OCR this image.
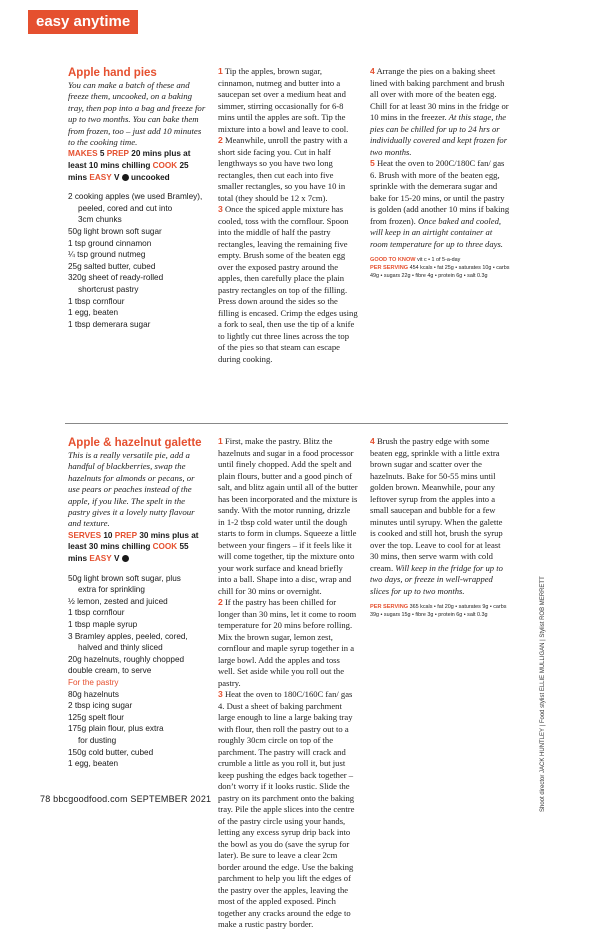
easy anytime

Apple hand pies

You can make a batch of these and freeze them, uncooked, on a baking tray, then pop into a bag and freeze for up to two months. You can bake them from frozen, too – just add 10 minutes to the cooking time.

MAKES 5 PREP 20 mins plus at least 10 mins chilling COOK 25 mins EASY V uncooked

2 cooking apples (we used Bramley),
peeled, cored and cut into
3cm chunks
50g light brown soft sugar
1 tsp ground cinnamon
¼ tsp ground nutmeg
25g salted butter, cubed
320g sheet of ready-rolled
shortcrust pastry
1 tbsp cornflour
1 egg, beaten
1 tbsp demerara sugar

1 Tip the apples, brown sugar, cinnamon, nutmeg and butter into a saucepan set over a medium heat and simmer, stirring occasionally for 6-8 mins until the apples are soft. Tip the mixture into a bowl and leave to cool.

2 Meanwhile, unroll the pastry with a short side facing you. Cut in half lengthways so you have two long rectangles, then cut each into five smaller rectangles, so you have 10 in total (they should be 12 x 7cm).

3 Once the spiced apple mixture has cooled, toss with the cornflour. Spoon into the middle of half the pastry rectangles, leaving the remaining five empty. Brush some of the beaten egg over the exposed pastry around the apples, then carefully place the plain pastry rectangles on top of the filling. Press down around the sides so the filling is encased. Crimp the edges using a fork to seal, then use the tip of a knife to lightly cut three lines across the top of the pies so that steam can escape during cooking.

4 Arrange the pies on a baking sheet lined with baking parchment and brush all over with more of the beaten egg. Chill for at least 30 mins in the fridge or 10 mins in the freezer. At this stage, the pies can be chilled for up to 24 hrs or individually covered and kept frozen for two months.

5 Heat the oven to 200C/180C fan/ gas 6. Brush with more of the beaten egg, sprinkle with the demerara sugar and bake for 15-20 mins, or until the pastry is golden (add another 10 mins if baking from frozen). Once baked and cooled, will keep in an airtight container at room temperature for up to three days.

GOOD TO KNOW vit c • 1 of 5-a-day
PER SERVING 454 kcals • fat 25g • saturates 10g • carbs 49g • sugars 22g • fibre 4g • protein 6g • salt 0.3g

Apple & hazelnut galette

This is a really versatile pie, add a handful of blackberries, swap the hazelnuts for almonds or pecans, or use pears or peaches instead of the apple, if you like. The spelt in the pastry gives it a lovely nutty flavour and texture.

SERVES 10 PREP 30 mins plus at least 30 mins chilling COOK 55 mins EASY V

50g light brown soft sugar, plus
extra for sprinkling
½ lemon, zested and juiced
1 tbsp cornflour
1 tbsp maple syrup
3 Bramley apples, peeled, cored,
halved and thinly sliced
20g hazelnuts, roughly chopped
double cream, to serve
For the pastry
80g hazelnuts
2 tbsp icing sugar
125g spelt flour
175g plain flour, plus extra
for dusting
150g cold butter, cubed
1 egg, beaten

1 First, make the pastry. Blitz the hazelnuts and sugar in a food processor until finely chopped. Add the spelt and plain flours, butter and a good pinch of salt, and blitz again until all of the butter has been incorporated and the mixture is sandy. With the motor running, drizzle in 1-2 tbsp cold water until the dough starts to form in clumps. Squeeze a little between your fingers – if it feels like it will come together, tip the mixture onto your work surface and knead briefly into a ball. Shape into a disc, wrap and chill for 30 mins or overnight.

2 If the pastry has been chilled for longer than 30 mins, let it come to room temperature for 20 mins before rolling. Mix the brown sugar, lemon zest, cornflour and maple syrup together in a large bowl. Add the apples and toss well. Set aside while you roll out the pastry.

3 Heat the oven to 180C/160C fan/ gas 4. Dust a sheet of baking parchment large enough to line a large baking tray with flour, then roll the pastry out to a roughly 30cm circle on top of the parchment. The pastry will crack and crumble a little as you roll it, but just keep pushing the edges back together – don’t worry if it looks rustic. Slide the pastry on its parchment onto the baking tray. Pile the apple slices into the centre of the pastry circle using your hands, letting any excess syrup drip back into the bowl as you do (save the syrup for later). Be sure to leave a clear 2cm border around the edge. Use the baking parchment to help you lift the edges of the pastry over the apples, leaving the most of the appled exposed. Pinch together any cracks around the edge to make a rustic pastry border.

4 Brush the pastry edge with some beaten egg, sprinkle with a little extra brown sugar and scatter over the hazelnuts. Bake for 50-55 mins until golden brown. Meanwhile, pour any leftover syrup from the apples into a small saucepan and bubble for a few minutes until syrupy. When the galette is cooked and still hot, brush the syrup over the top. Leave to cool for at least 30 mins, then serve warm with cold cream. Will keep in the fridge for up to two days, or freeze in well-wrapped slices for up to two months.

PER SERVING 365 kcals • fat 20g • saturates 9g • carbs 39g • sugars 15g • fibre 3g • protein 6g • salt 0.3g
78 bbcgoodfood.com SEPTEMBER 2021	Shoot director JACK HUNTLEY | Food stylist ELLIE MULLIGAN | Stylist ROB MERRETT
